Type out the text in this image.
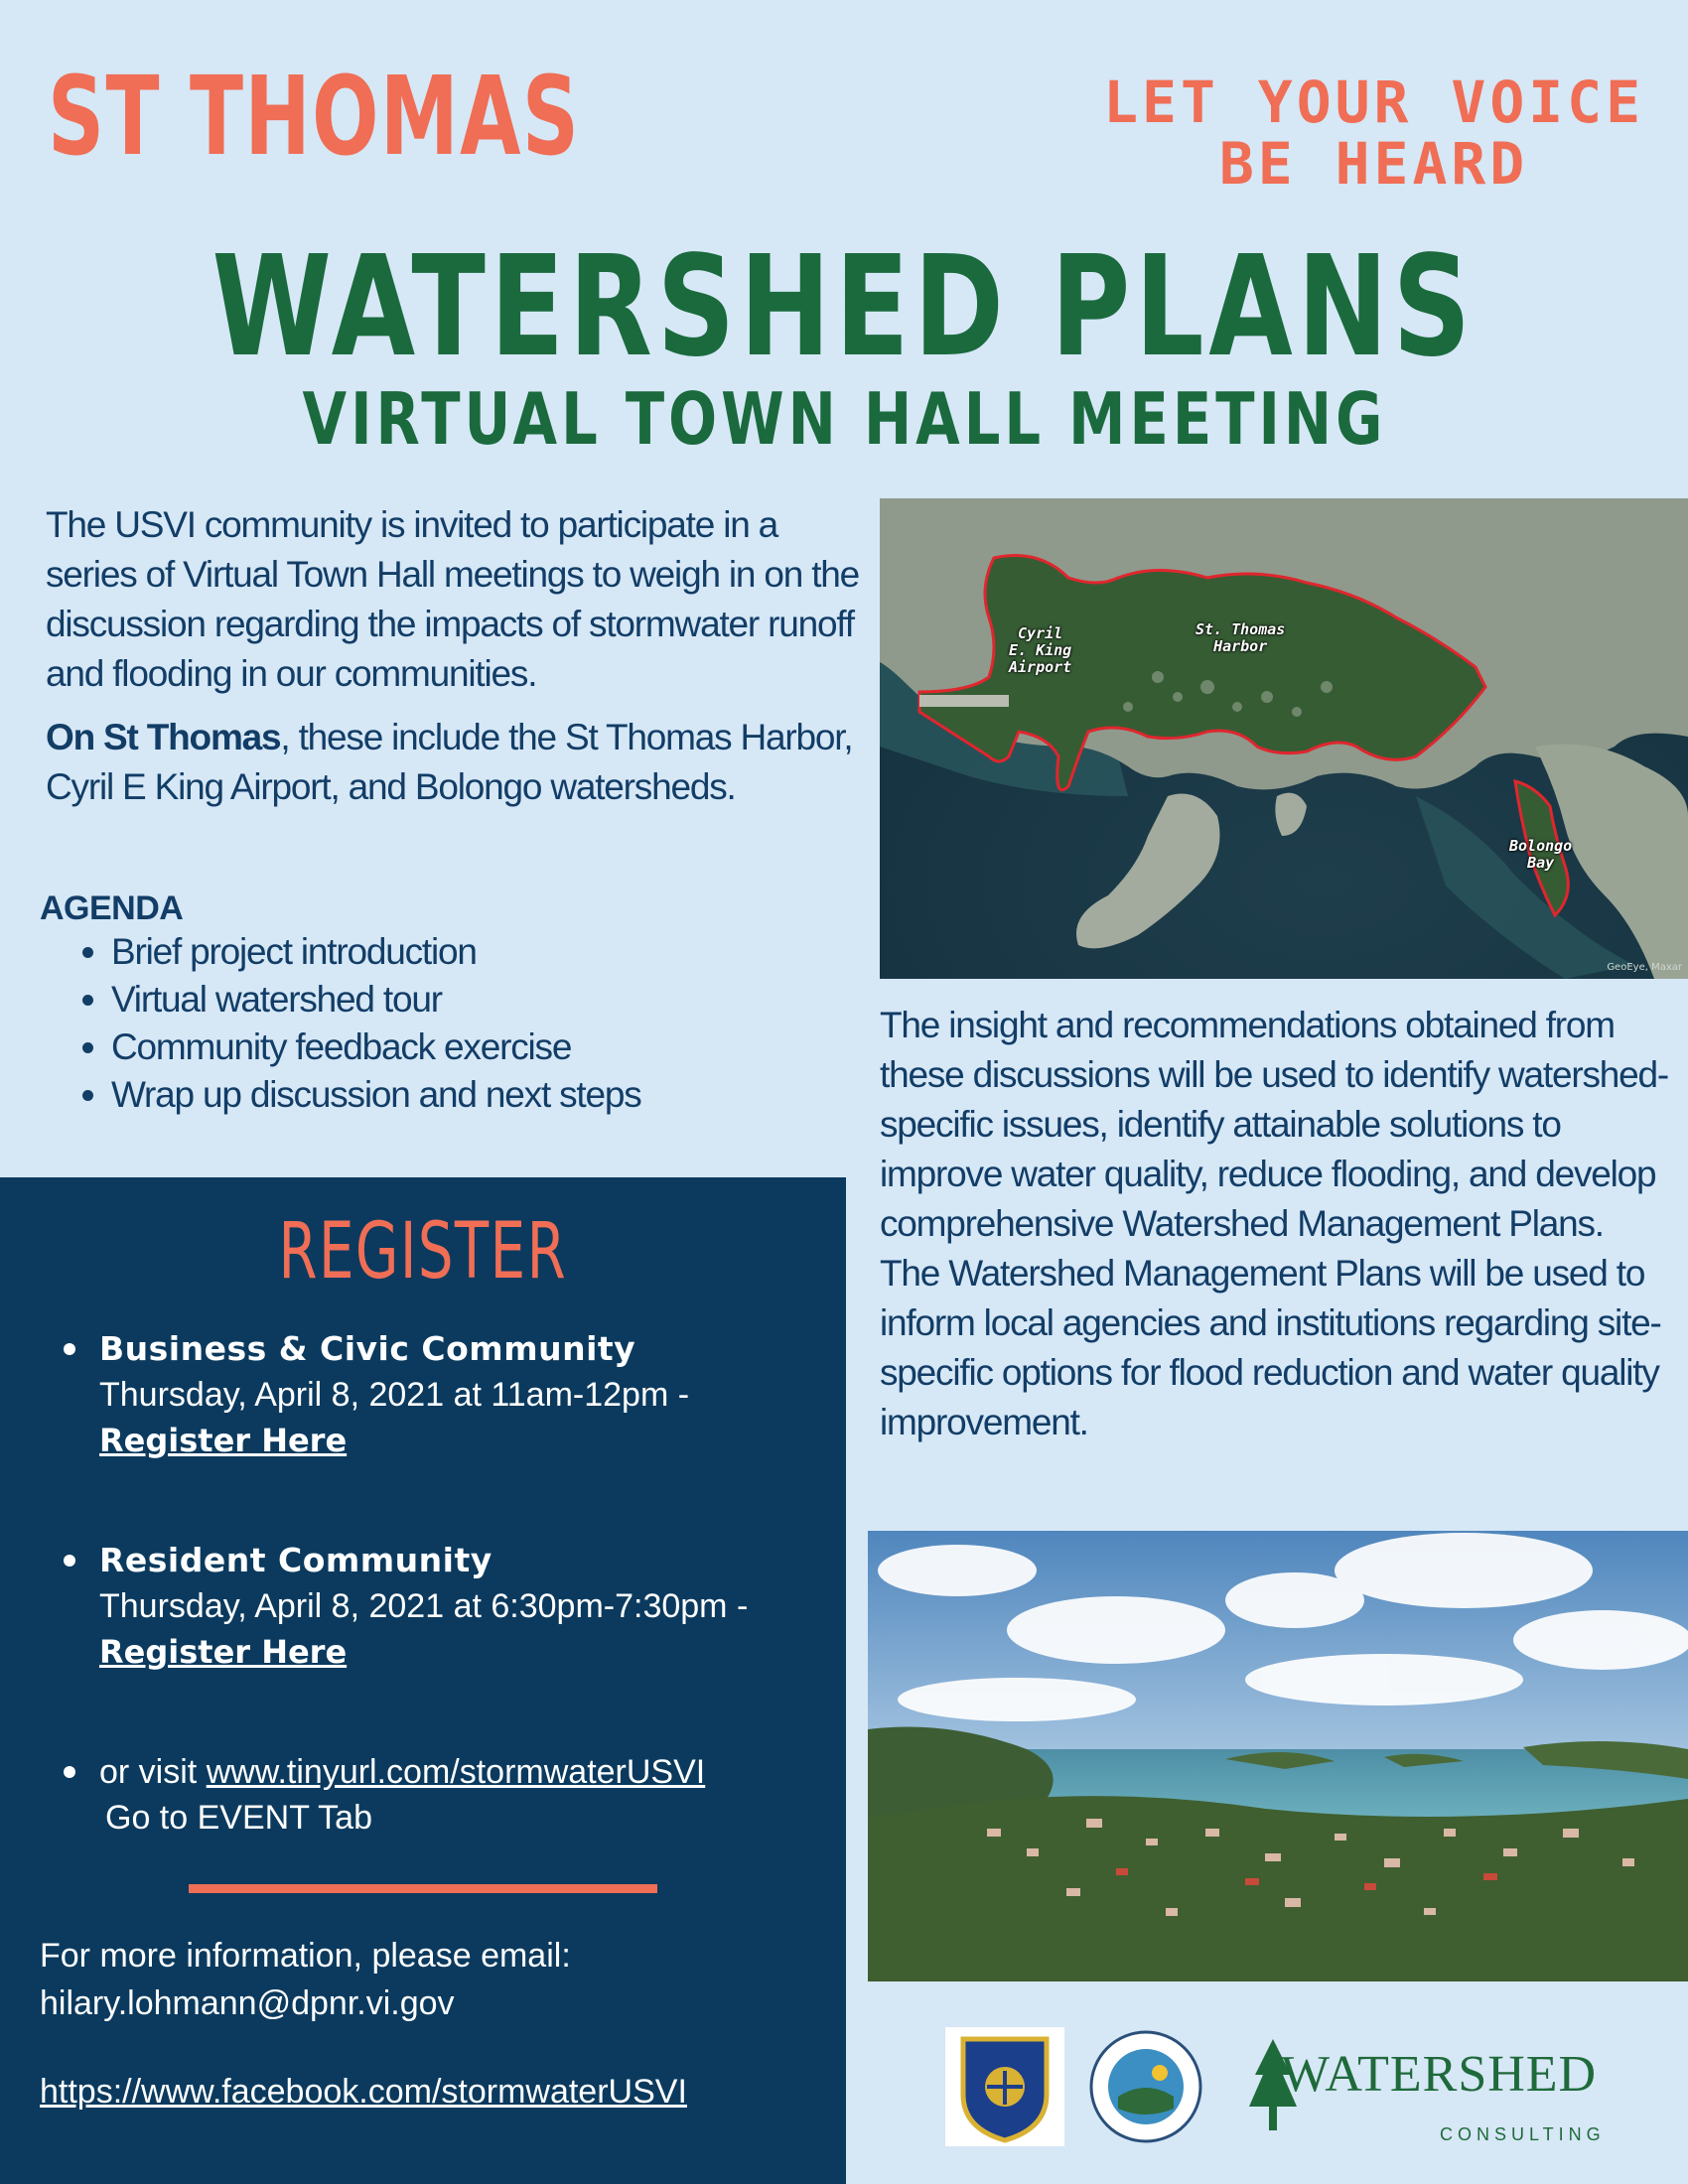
ST THOMAS	LET YOUR VOICE
BE HEARD
WATERSHED PLANS
VIRTUAL TOWN HALL MEETING

The USVI community is invited to participate in a series of Virtual Town Hall meetings to weigh in on the discussion regarding the impacts of stormwater runoff and flooding in our communities.

On St Thomas, these include the St Thomas Harbor, Cyril E King Airport, and Bolongo watersheds.

AGENDA
• Brief project introduction
• Virtual watershed tour
• Community feedback exercise
• Wrap up discussion and next steps
Cyril
E. King
Airport
St. Thomas
Harbor
Bolongo
Bay
GeoEye, Maxar
The insight and recommendations obtained from these discussions will be used to identify watershed-specific issues, identify attainable solutions to improve water quality, reduce flooding, and develop comprehensive Watershed Management Plans.
The Watershed Management Plans will be used to inform local agencies and institutions regarding site-specific options for flood reduction and water quality improvement.
REGISTER
Business & Civic Community
Thursday, April 8, 2021 at 11am-12pm -
Register Here
Resident Community
Thursday, April 8, 2021 at 6:30pm-7:30pm -
Register Here
or visit www.tinyurl.com/stormwaterUSVI
Go to EVENT Tab
For more information, please email:
hilary.lohmann@dpnr.vi.gov
https://www.facebook.com/stormwaterUSVI	WATERSHED
CONSULTING
